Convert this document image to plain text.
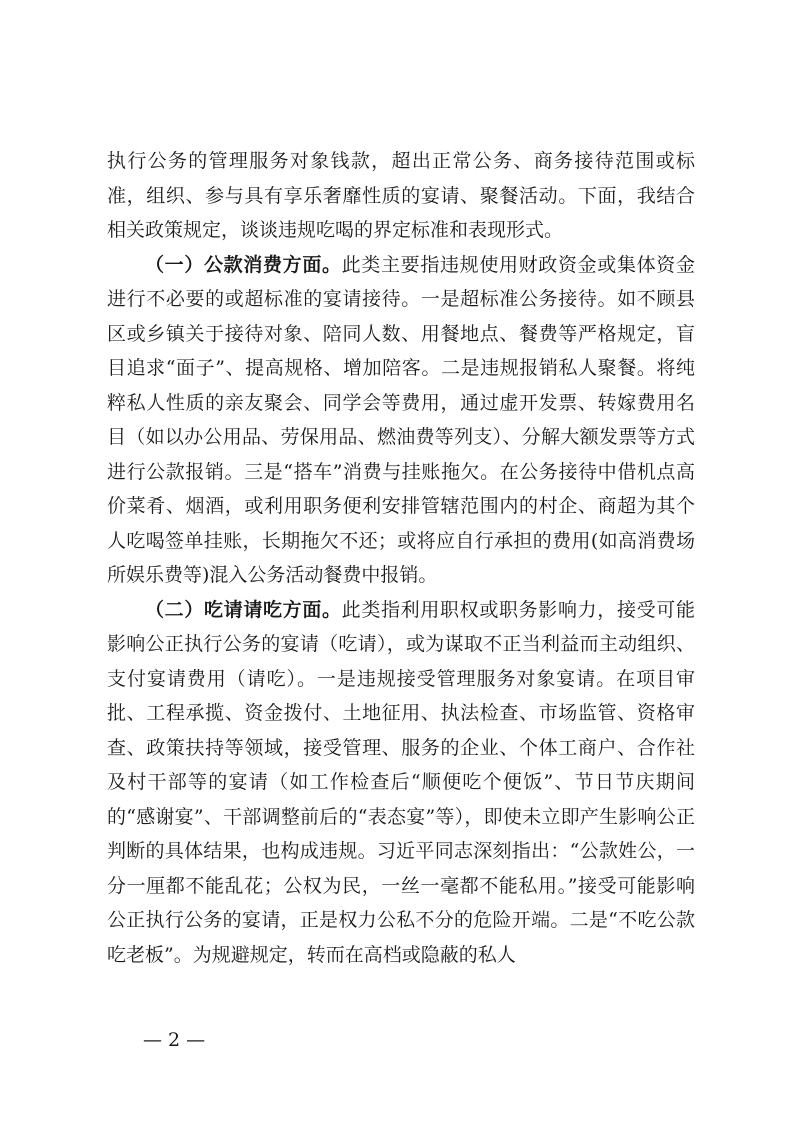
执行公务的管理服务对象钱款，超出正常公务、商务接待范围或标准，组织、参与具有享乐奢靡性质的宴请、聚餐活动。下面，我结合相关政策规定，谈谈违规吃喝的界定标准和表现形式。

（一）公款消费方面。此类主要指违规使用财政资金或集体资金进行不必要的或超标准的宴请接待。一是超标准公务接待。如不顾县区或乡镇关于接待对象、陪同人数、用餐地点、餐费等严格规定，盲目追求“面子”、提高规格、增加陪客。二是违规报销私人聚餐。将纯粹私人性质的亲友聚会、同学会等费用，通过虚开发票、转嫁费用名目（如以办公用品、劳保用品、燃油费等列支）、分解大额发票等方式进行公款报销。三是“搭车”消费与挂账拖欠。在公务接待中借机点高价菜肴、烟酒，或利用职务便利安排管辖范围内的村企、商超为其个人吃喝签单挂账，长期拖欠不还；或将应自行承担的费用(如高消费场所娱乐费等)混入公务活动餐费中报销。

（二）吃请请吃方面。此类指利用职权或职务影响力，接受可能影响公正执行公务的宴请（吃请），或为谋取不正当利益而主动组织、支付宴请费用（请吃）。一是违规接受管理服务对象宴请。在项目审批、工程承揽、资金拨付、土地征用、执法检查、市场监管、资格审查、政策扶持等领域，接受管理、服务的企业、个体工商户、合作社及村干部等的宴请（如工作检查后“顺便吃个便饭”、节日节庆期间的“感谢宴”、干部调整前后的“表态宴”等），即使未立即产生影响公正判断的具体结果，也构成违规。习近平同志深刻指出：“公款姓公，一分一厘都不能乱花；公权为民，一丝一毫都不能私用。”接受可能影响公正执行公务的宴请，正是权力公私不分的危险开端。二是“不吃公款吃老板”。为规避规定，转而在高档或隐蔽的私人

— 2 —
